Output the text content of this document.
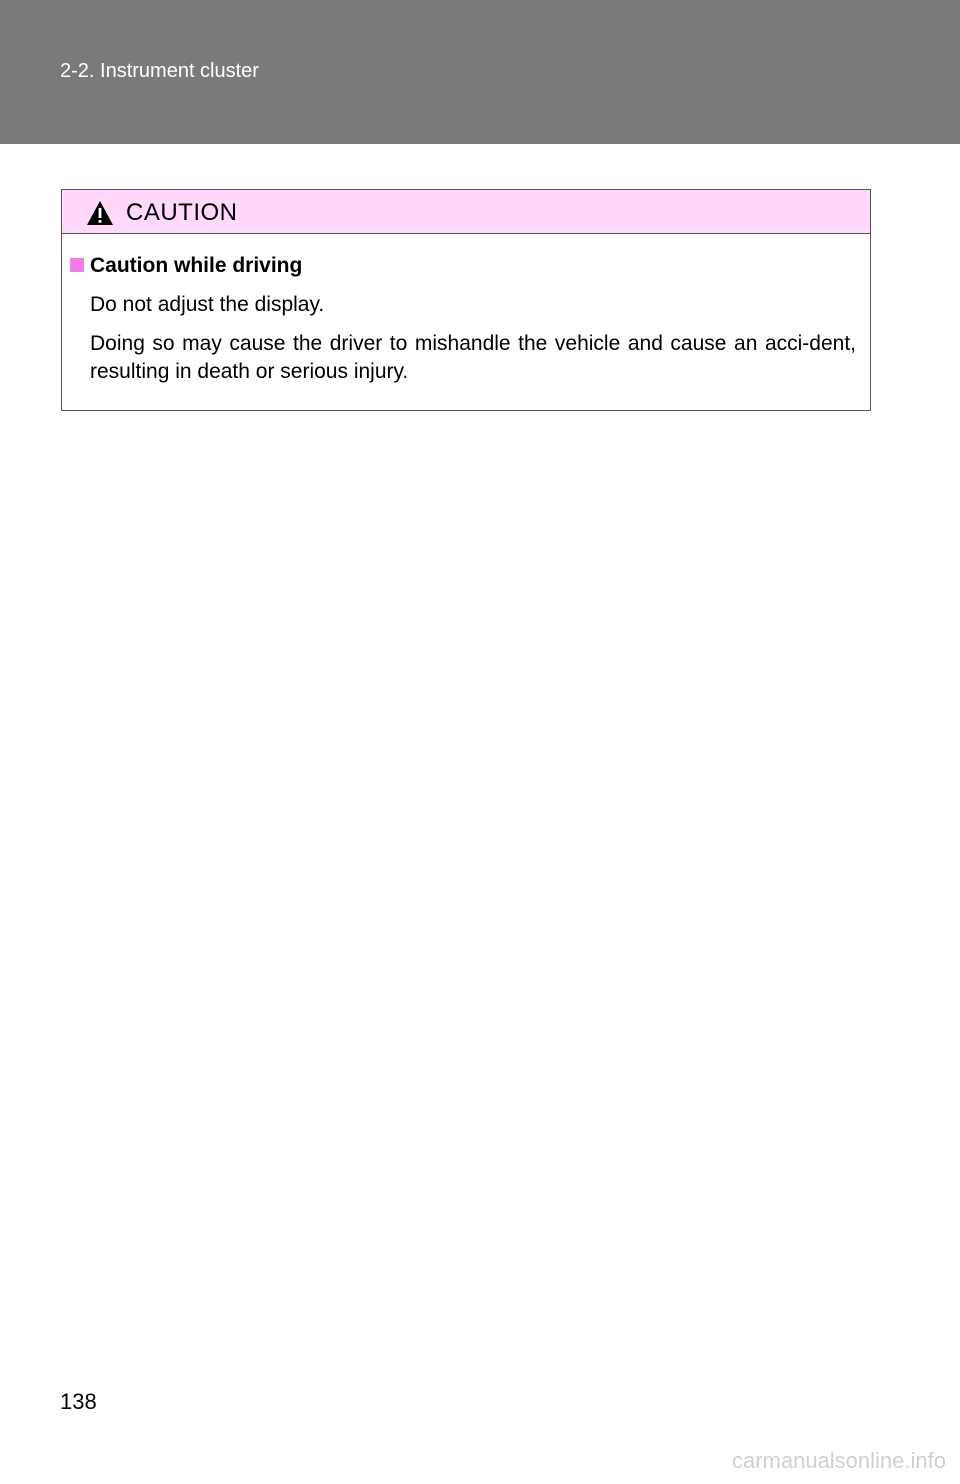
2-2. Instrument cluster
CAUTION
Caution while driving
Do not adjust the display.
Doing so may cause the driver to mishandle the vehicle and cause an acci-dent, resulting in death or serious injury.
138
carmanualsonline.info
